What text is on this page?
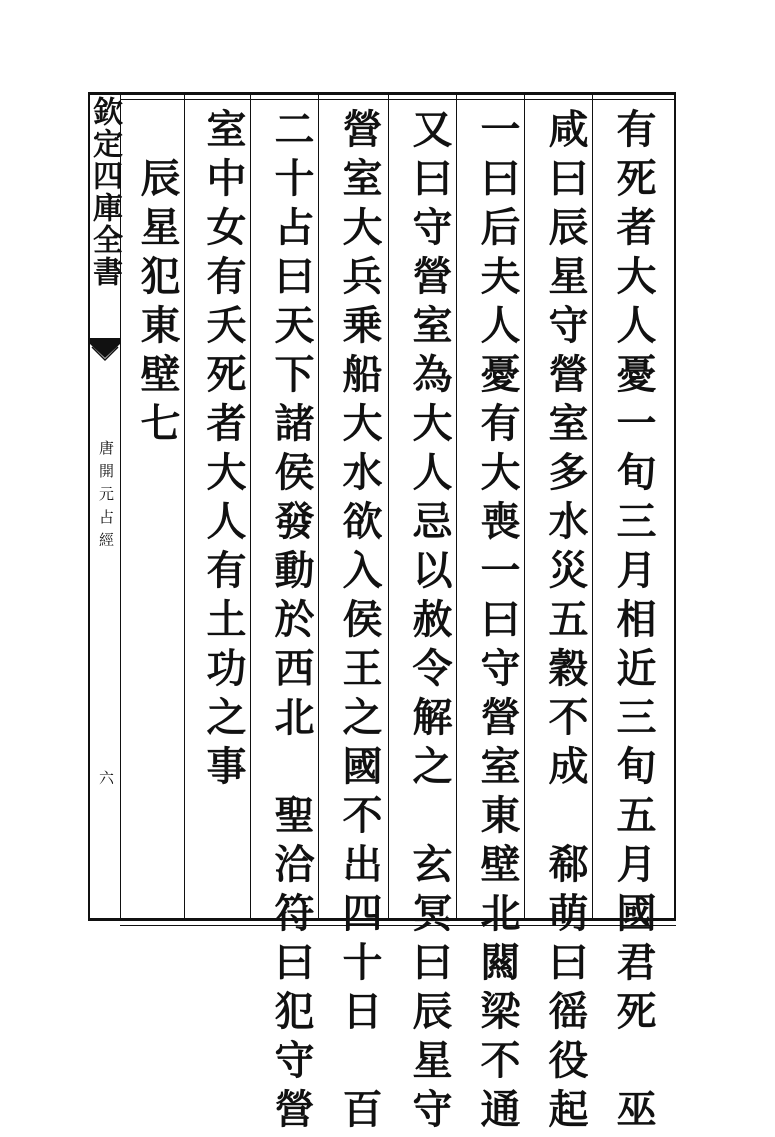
欽定四庫全書
唐開元占經
六	有死者大人憂一旬三月相近三旬五月國君死　巫
咸曰辰星守營室多水災五穀不成　郗萌曰徭役起
一曰后夫人憂有大喪一曰守營室東壁北闗梁不通
又曰守營室為大人忌以赦令解之　玄冥曰辰星守
營室大兵乗船大水欲入侯王之國不出四十日　百
二十占曰天下諸侯發動於西北　聖洽符曰犯守營
室中女有夭死者大人有土功之事
　辰星犯東壁七
